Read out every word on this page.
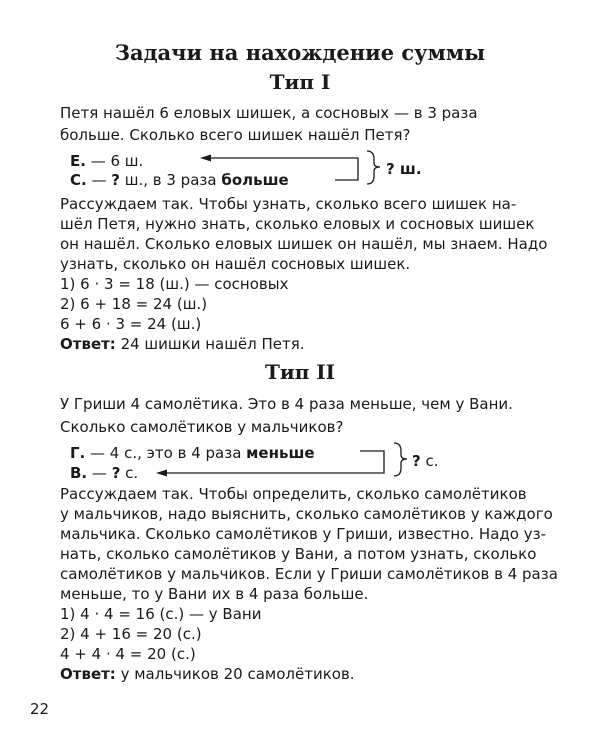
Задачи на нахождение суммы
Тип I
Петя нашёл 6 еловых шишек, а сосновых — в 3 раза
больше. Сколько всего шишек нашёл Петя?
Е. — 6 ш.
С. — ? ш., в 3 раза больше
? ш.
Рассуждаем так. Чтобы узнать, сколько всего шишек на-
шёл Петя, нужно знать, сколько еловых и сосновых шишек
он нашёл. Сколько еловых шишек он нашёл, мы знаем. Надо
узнать, сколько он нашёл сосновых шишек.
1) 6 · 3 = 18 (ш.) — сосновых
2) 6 + 18 = 24 (ш.)
6 + 6 · 3 = 24 (ш.)
Ответ: 24 шишки нашёл Петя.
Тип II
У Гриши 4 самолётика. Это в 4 раза меньше, чем у Вани.
Сколько самолётиков у мальчиков?
Г. — 4 с., это в 4 раза меньше
В. — ? с.
? с.
Рассуждаем так. Чтобы определить, сколько самолётиков
у мальчиков, надо выяснить, сколько самолётиков у каждого
мальчика. Сколько самолётиков у Гриши, известно. Надо уз-
нать, сколько самолётиков у Вани, а потом узнать, сколько
самолётиков у мальчиков. Если у Гриши самолётиков в 4 раза
меньше, то у Вани их в 4 раза больше.
1) 4 · 4 = 16 (с.) — у Вани
2) 4 + 16 = 20 (с.)
4 + 4 · 4 = 20 (с.)
Ответ: у мальчиков 20 самолётиков.
22
